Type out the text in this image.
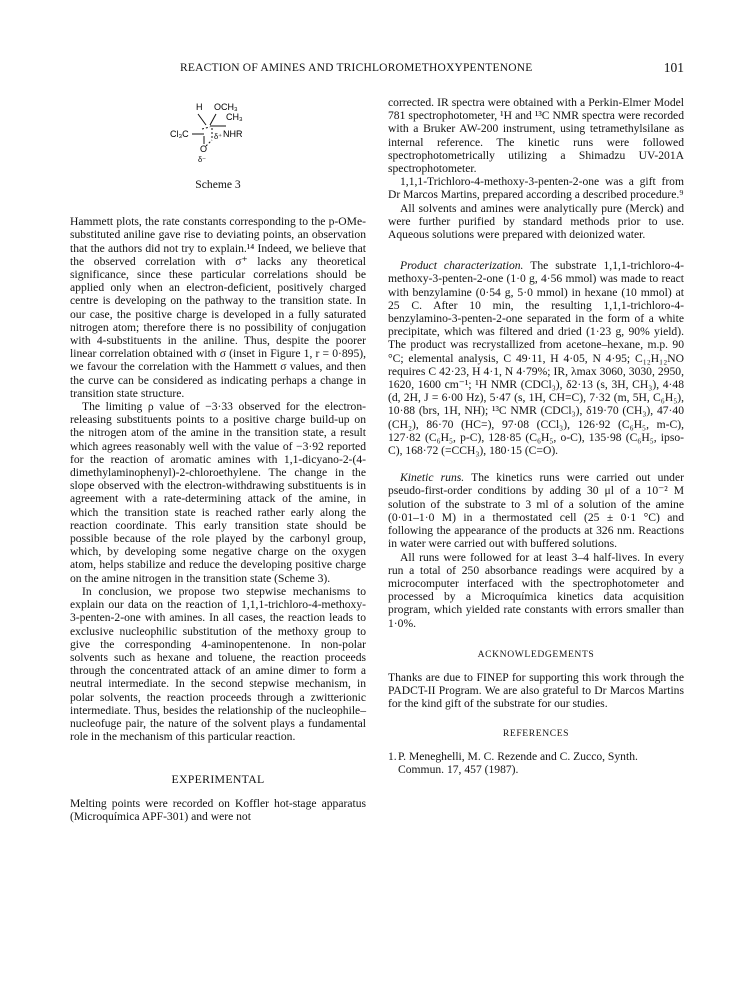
REACTION OF AMINES AND TRICHLOROMETHOXYPENTENONE	101
H OCH₃
CH₃
Cl₃C	NHR
δ⁺
O
δ⁻
Scheme 3

Hammett plots, the rate constants corresponding to the p-OMe-substituted aniline gave rise to deviating points, an observation that the authors did not try to explain.¹⁴ Indeed, we believe that the observed correlation with σ⁺ lacks any theoretical significance, since these particular correlations should be applied only when an electron-deficient, positively charged centre is developing on the pathway to the transition state. In our case, the positive charge is developed in a fully saturated nitrogen atom; therefore there is no possibility of conjugation with 4-substituents in the aniline. Thus, despite the poorer linear correlation obtained with σ (inset in Figure 1, r = 0·895), we favour the correlation with the Hammett σ values, and then the curve can be considered as indicating perhaps a change in transition state structure.

The limiting ρ value of −3·33 observed for the electron-releasing substituents points to a positive charge build-up on the nitrogen atom of the amine in the transition state, a result which agrees reasonably well with the value of −3·92 reported for the reaction of aromatic amines with 1,1-dicyano-2-(4-dimethylaminophenyl)-2-chloroethylene. The change in the slope observed with the electron-withdrawing substituents is in agreement with a rate-determining attack of the amine, in which the transition state is reached rather early along the reaction coordinate. This early transition state should be possible because of the role played by the carbonyl group, which, by developing some negative charge on the oxygen atom, helps stabilize and reduce the developing positive charge on the amine nitrogen in the transition state (Scheme 3).

In conclusion, we propose two stepwise mechanisms to explain our data on the reaction of 1,1,1-trichloro-4-methoxy-3-penten-2-one with amines. In all cases, the reaction leads to exclusive nucleophilic substitution of the methoxy group to give the corresponding 4-aminopentenone. In non-polar solvents such as hexane and toluene, the reaction proceeds through the concentrated attack of an amine dimer to form a neutral intermediate. In the second stepwise mechanism, in polar solvents, the reaction proceeds through a zwitterionic intermediate. Thus, besides the relationship of the nucleophile–nucleofuge pair, the nature of the solvent plays a fundamental role in the mechanism of this particular reaction.

EXPERIMENTAL

Melting points were recorded on Koffler hot-stage apparatus (Microquímica APF-301) and were not

corrected. IR spectra were obtained with a Perkin-Elmer Model 781 spectrophotometer, ¹H and ¹³C NMR spectra were recorded with a Bruker AW-200 instrument, using tetramethylsilane as internal reference. The kinetic runs were followed spectrophotometrically utilizing a Shimadzu UV-201A spectrophotometer.

1,1,1-Trichloro-4-methoxy-3-penten-2-one was a gift from Dr Marcos Martins, prepared according a described procedure.⁹

All solvents and amines were analytically pure (Merck) and were further purified by standard methods prior to use. Aqueous solutions were prepared with deionized water.

Product characterization. The substrate 1,1,1-trichloro-4-methoxy-3-penten-2-one (1·0 g, 4·56 mmol) was made to react with benzylamine (0·54 g, 5·0 mmol) in hexane (10 mmol) at 25 C. After 10 min, the resulting 1,1,1-trichloro-4-benzylamino-3-penten-2-one separated in the form of a white precipitate, which was filtered and dried (1·23 g, 90% yield). The product was recrystallized from acetone–hexane, m.p. 90 °C; elemental analysis, C 49·11, H 4·05, N 4·95; C₁₂H₁₂NO requires C 42·23, H 4·1, N 4·79%; IR, λmax 3060, 3030, 2950, 1620, 1600 cm⁻¹; ¹H NMR (CDCl₃), δ2·13 (s, 3H, CH₃), 4·48 (d, 2H, J = 6·00 Hz), 5·47 (s, 1H, CH=C), 7·32 (m, 5H, C₆H₅), 10·88 (brs, 1H, NH); ¹³C NMR (CDCl₃), δ19·70 (CH₃), 47·40 (CH₂), 86·70 (HC=), 97·08 (CCl₃), 126·92 (C₆H₅, m-C), 127·82 (C₆H₅, p-C), 128·85 (C₆H₅, o-C), 135·98 (C₆H₅, ipso-C), 168·72 (=CCH₃), 180·15 (C=O).

Kinetic runs. The kinetics runs were carried out under pseudo-first-order conditions by adding 30 μl of a 10⁻² M solution of the substrate to 3 ml of a solution of the amine (0·01–1·0 M) in a thermostated cell (25 ± 0·1 °C) and following the appearance of the products at 326 nm. Reactions in water were carried out with buffered solutions.

All runs were followed for at least 3–4 half-lives. In every run a total of 250 absorbance readings were acquired by a microcomputer interfaced with the spectrophotometer and processed by a Microquímica kinetics data acquisition program, which yielded rate constants with errors smaller than 1·0%.

ACKNOWLEDGEMENTS

Thanks are due to FINEP for supporting this work through the PADCT-II Program. We are also grateful to Dr Marcos Martins for the kind gift of the substrate for our studies.

REFERENCES
1. P. Meneghelli, M. C. Rezende and C. Zucco, Synth. Commun. 17, 457 (1987).
